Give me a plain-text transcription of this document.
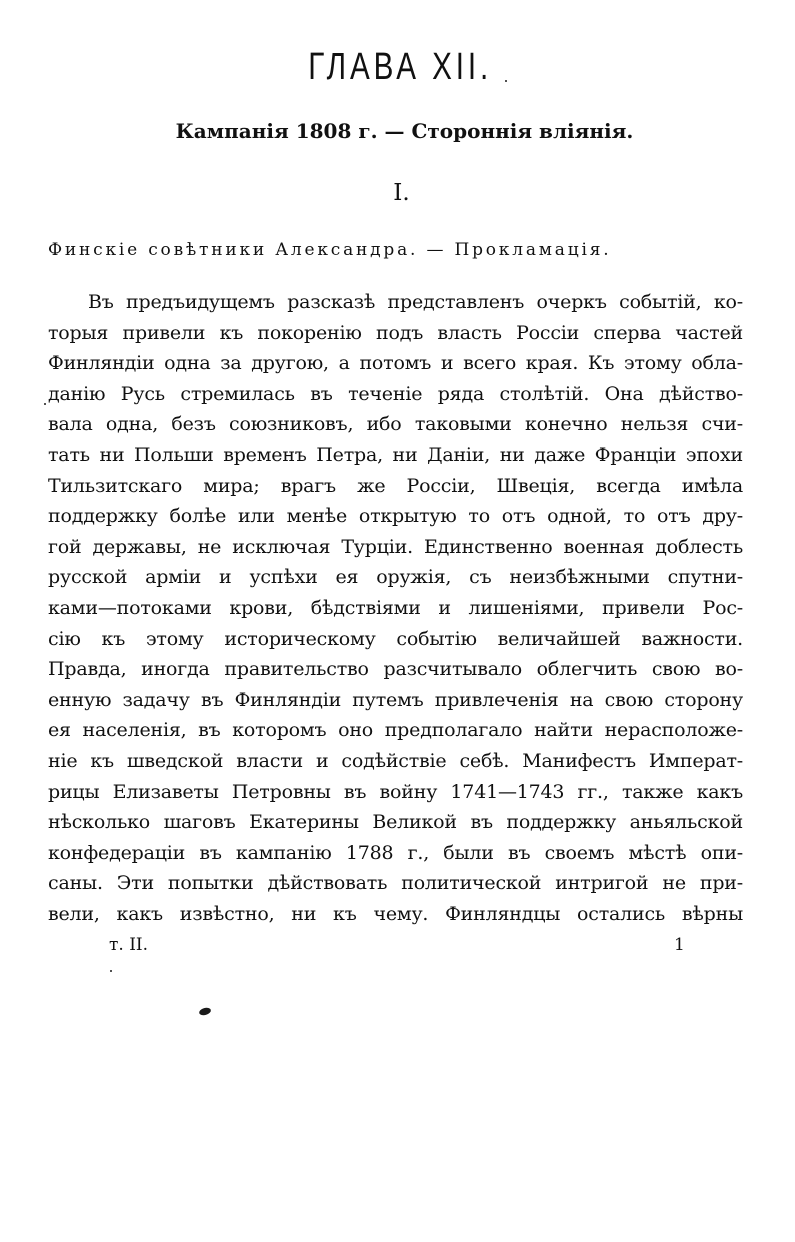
ГЛАВА XII.
Кампанія 1808 г. — Стороннія вліянія.
I.
Финскіе совѣтники Александра. — Прокламація.
Въ предъидущемъ разсказѣ представленъ очеркъ событій, ко-
торыя привели къ покоренію подъ власть Россіи сперва частей
Финляндіи одна за другою, а потомъ и всего края. Къ этому обла-
данію Русь стремилась въ теченіе ряда столѣтій. Она дѣйство-
вала одна, безъ союзниковъ, ибо таковыми конечно нельзя счи-
тать ни Польши временъ Петра, ни Даніи, ни даже Франціи эпохи
Тильзитскаго мира; врагъ же Россіи, Швеція, всегда имѣла
поддержку болѣе или менѣе открытую то отъ одной, то отъ дру-
гой державы, не исключая Турціи. Единственно военная доблесть
русской арміи и успѣхи ея оружія, съ неизбѣжными спутни-
ками—потоками крови, бѣдствіями и лишеніями, привели Рос-
сію къ этому историческому событію величайшей важности.
Правда, иногда правительство разсчитывало облегчить свою во-
енную задачу въ Финляндіи путемъ привлеченія на свою сторону
ея населенія, въ которомъ оно предполагало найти нерасположе-
ніе къ шведской власти и содѣйствіе себѣ. Манифестъ Императ-
рицы Елизаветы Петровны въ войну 1741—1743 гг., также какъ
нѣсколько шаговъ Екатерины Великой въ поддержку аньяльской
конфедераціи въ кампанію 1788 г., были въ своемъ мѣстѣ опи-
саны. Эти попытки дѣйствовать политической интригой не при-
вели, какъ извѣстно, ни къ чему. Финляндцы остались вѣрны
т. II.	1
